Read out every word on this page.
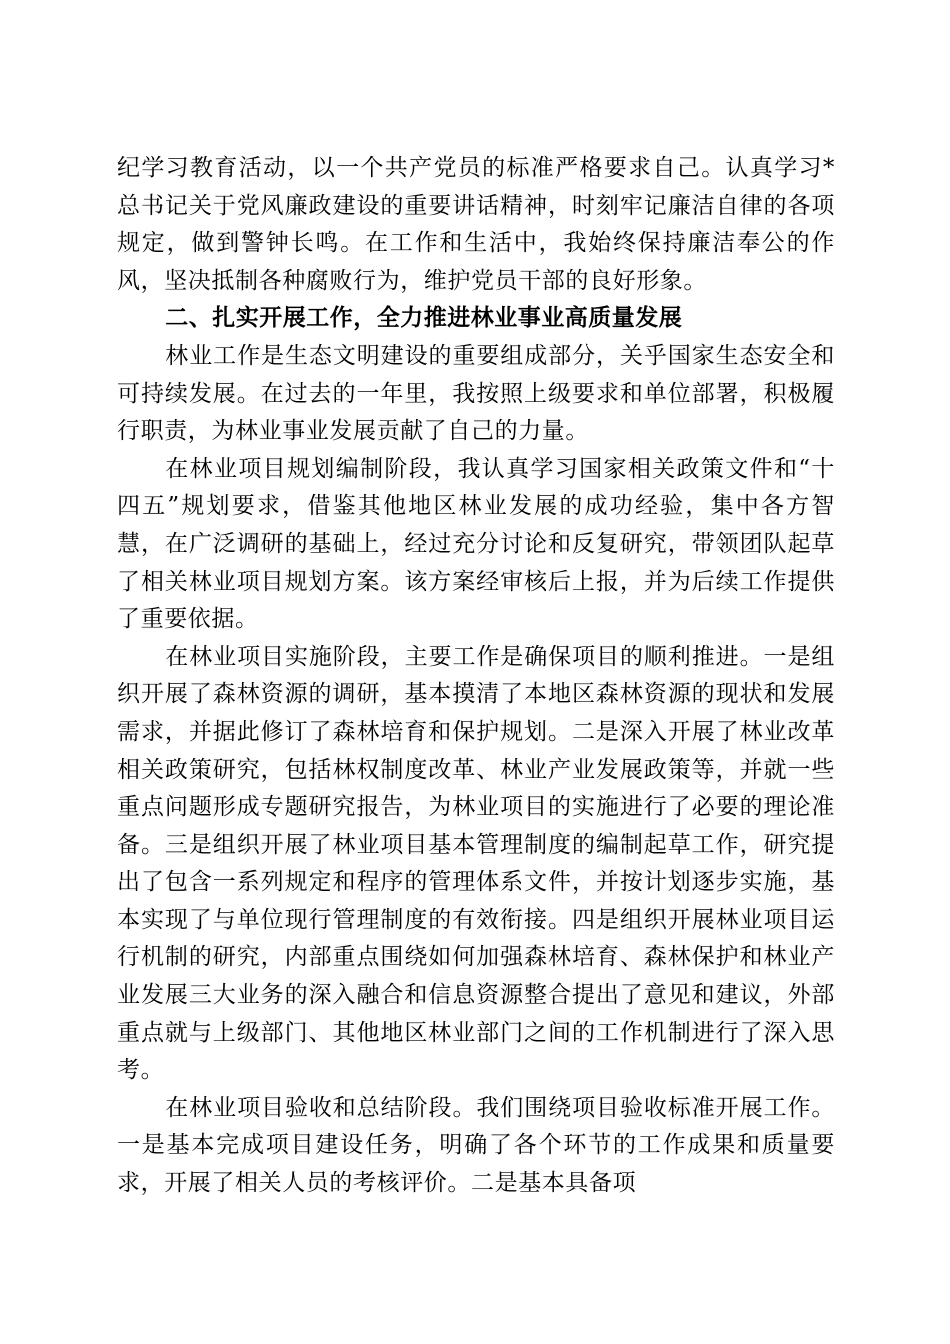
纪学习教育活动，以一个共产党员的标准严格要求自己。认真学习*总书记关于党风廉政建设的重要讲话精神，时刻牢记廉洁自律的各项规定，做到警钟长鸣。在工作和生活中，我始终保持廉洁奉公的作风，坚决抵制各种腐败行为，维护党员干部的良好形象。

二、扎实开展工作，全力推进林业事业高质量发展

林业工作是生态文明建设的重要组成部分，关乎国家生态安全和可持续发展。在过去的一年里，我按照上级要求和单位部署，积极履行职责，为林业事业发展贡献了自己的力量。

在林业项目规划编制阶段，我认真学习国家相关政策文件和“十四五”规划要求，借鉴其他地区林业发展的成功经验，集中各方智慧，在广泛调研的基础上，经过充分讨论和反复研究，带领团队起草了相关林业项目规划方案。该方案经审核后上报，并为后续工作提供了重要依据。

在林业项目实施阶段，主要工作是确保项目的顺利推进。一是组织开展了森林资源的调研，基本摸清了本地区森林资源的现状和发展需求，并据此修订了森林培育和保护规划。二是深入开展了林业改革相关政策研究，包括林权制度改革、林业产业发展政策等，并就一些重点问题形成专题研究报告，为林业项目的实施进行了必要的理论准备。三是组织开展了林业项目基本管理制度的编制起草工作，研究提出了包含一系列规定和程序的管理体系文件，并按计划逐步实施，基本实现了与单位现行管理制度的有效衔接。四是组织开展林业项目运行机制的研究，内部重点围绕如何加强森林培育、森林保护和林业产业发展三大业务的深入融合和信息资源整合提出了意见和建议，外部重点就与上级部门、其他地区林业部门之间的工作机制进行了深入思考。

在林业项目验收和总结阶段。我们围绕项目验收标准开展工作。一是基本完成项目建设任务，明确了各个环节的工作成果和质量要求，开展了相关人员的考核评价。二是基本具备项
